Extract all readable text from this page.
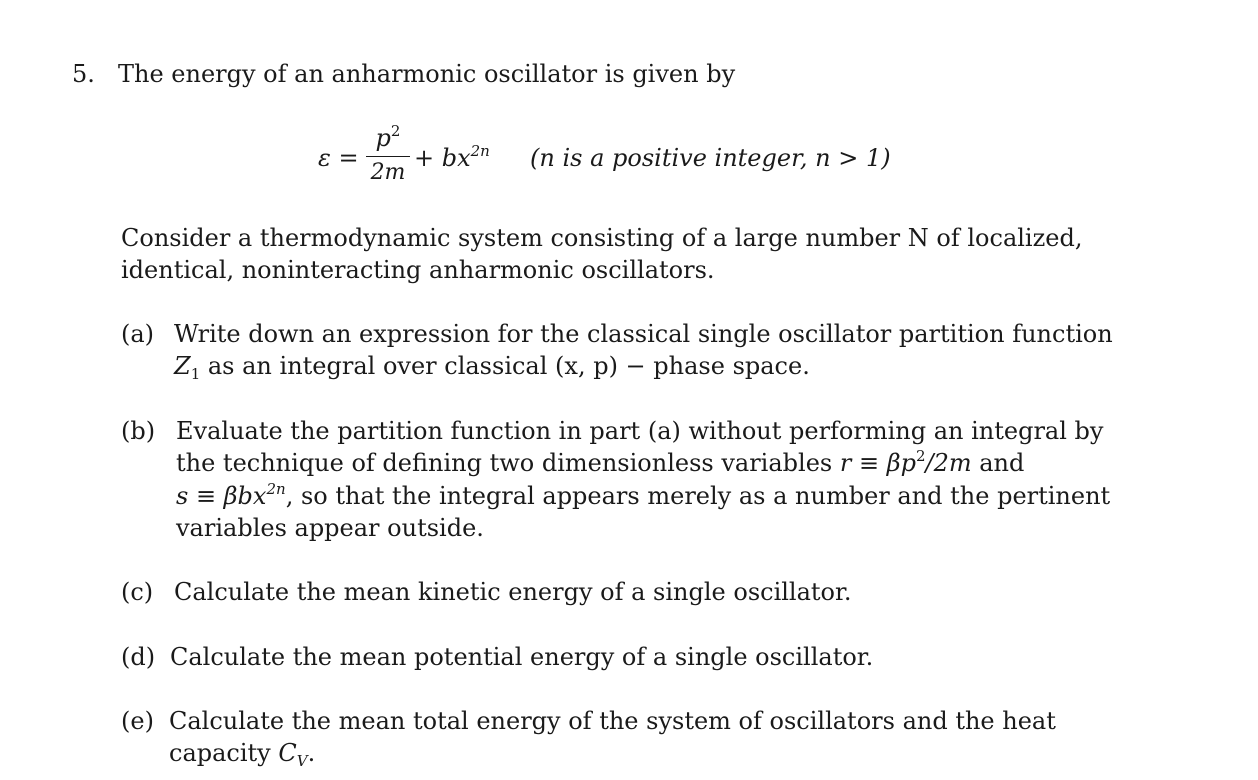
5. The energy of an anharmonic oscillator is given by
ε =
$p^2$
2m
+ $bx^{2n}$ (n is a positive integer, n > 1)
Consider a thermodynamic system consisting of a large number N of localized,
identical, noninteracting anharmonic oscillators.
(a) Write down an expression for the classical single oscillator partition function
$Z_1$ as an integral over classical (x, p) − phase space.
(b) Evaluate the partition function in part (a) without performing an integral by
the technique of defining two dimensionless variables $r \equiv \beta p^2/2m$ and
s ≡ βbx$^{2n}$, so that the integral appears merely as a number and the pertinent
variables appear outside.
(c) Calculate the mean kinetic energy of a single oscillator.
(d) Calculate the mean potential energy of a single oscillator.
(e) Calculate the mean total energy of the system of oscillators and the heat
capacity $C_V$.
